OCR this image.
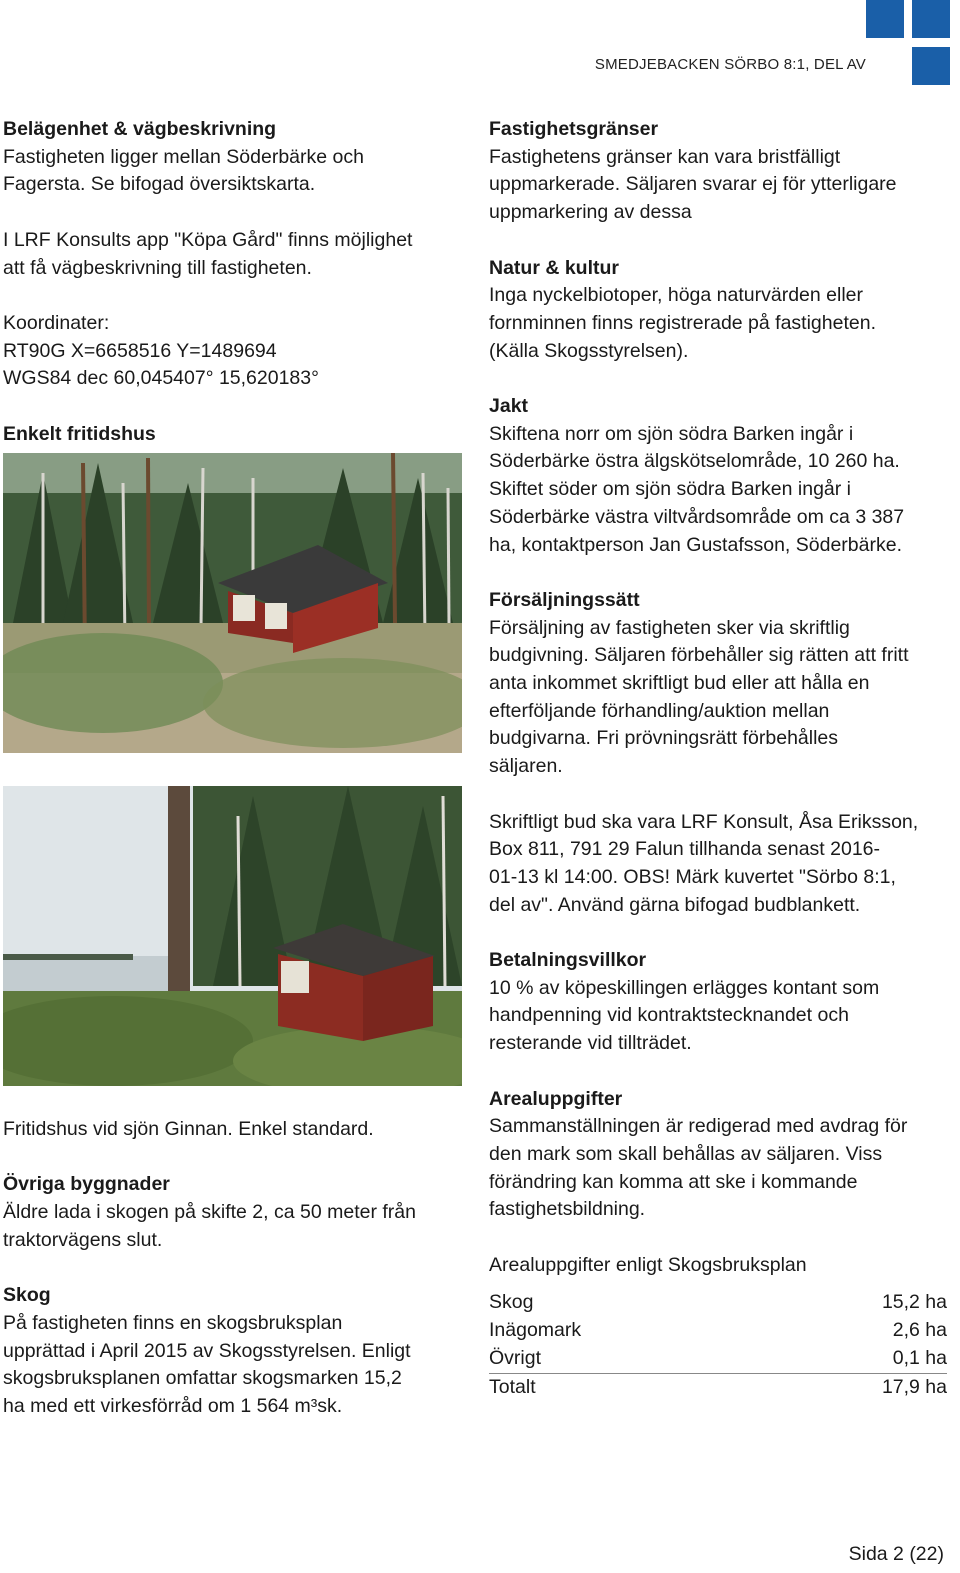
SMEDJEBACKEN SÖRBO 8:1, DEL AV
Belägenhet & vägbeskrivning
Fastigheten ligger mellan Söderbärke och
Fagersta. Se bifogad översiktskarta.
I LRF Konsults app "Köpa Gård" finns möjlighet
att få vägbeskrivning till fastigheten.
Koordinater:
RT90G X=6658516 Y=1489694
WGS84 dec 60,045407° 15,620183°
Enkelt fritidshus
Fritidshus vid sjön Ginnan. Enkel standard.
Övriga byggnader
Äldre lada i skogen på skifte 2, ca 50 meter från
traktorvägens slut.
Skog
På fastigheten finns en skogsbruksplan
upprättad i April 2015 av Skogsstyrelsen. Enligt
skogsbruksplanen omfattar skogsmarken 15,2
ha med ett virkesförråd om 1 564 m³sk.
Fastighetsgränser
Fastighetens gränser kan vara bristfälligt
uppmarkerade. Säljaren svarar ej för ytterligare
uppmarkering av dessa
Natur & kultur
Inga nyckelbiotoper, höga naturvärden eller
fornminnen finns registrerade på fastigheten.
(Källa Skogsstyrelsen).
Jakt
Skiftena norr om sjön södra Barken ingår i
Söderbärke östra älgskötselområde, 10 260 ha.
Skiftet söder om sjön södra Barken ingår i
Söderbärke västra viltvårdsområde om ca 3 387
ha, kontaktperson Jan Gustafsson, Söderbärke.
Försäljningssätt
Försäljning av fastigheten sker via skriftlig
budgivning. Säljaren förbehåller sig rätten att fritt
anta inkommet skriftligt bud eller att hålla en
efterföljande förhandling/auktion mellan
budgivarna. Fri prövningsrätt förbehålles
säljaren.
Skriftligt bud ska vara LRF Konsult, Åsa Eriksson,
Box 811, 791 29 Falun tillhanda senast 2016-
01-13 kl 14:00. OBS! Märk kuvertet "Sörbo 8:1,
del av". Använd gärna bifogad budblankett.
Betalningsvillkor
10 % av köpeskillingen erlägges kontant som
handpenning vid kontraktstecknandet och
resterande vid tillträdet.
Arealuppgifter
Sammanställningen är redigerad med avdrag för
den mark som skall behållas av säljaren. Viss
förändring kan komma att ske i kommande
fastighetsbildning.
Arealuppgifter enligt Skogsbruksplan
Skog	15,2 ha
Inägomark	2,6 ha
Övrigt	0,1 ha
Totalt	17,9 ha
Sida 2 (22)
